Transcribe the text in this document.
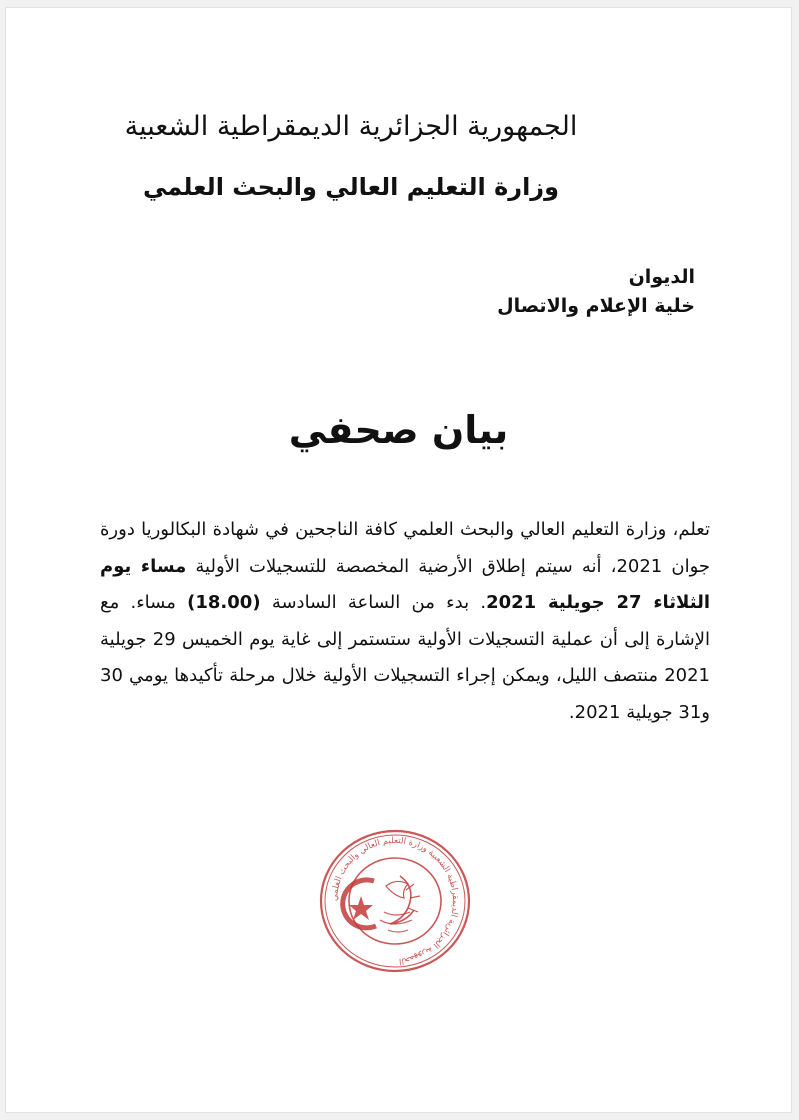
الجمهورية الجزائرية الديمقراطية الشعبية
وزارة التعليم العالي والبحث العلمي
الديوان
خلية الإعلام والاتصال
بيان صحفي
تعلم، وزارة التعليم العالي والبحث العلمي كافة الناجحين في شهادة البكالوريا دورة جوان 2021، أنه سيتم إطلاق الأرضية المخصصة للتسجيلات الأولية مساء يوم الثلاثاء 27 جويلية 2021. بدء من الساعة السادسة (18.00) مساء. مع الإشارة إلى أن عملية التسجيلات الأولية ستستمر إلى غاية يوم الخميس 29 جويلية 2021 منتصف الليل، ويمكن إجراء التسجيلات الأولية خلال مرحلة تأكيدها يومي 30 و31 جويلية 2021.
الجمهورية الجزائرية الديمقراطية الشعبية وزارة التعليم العالي والبحث العلمي
